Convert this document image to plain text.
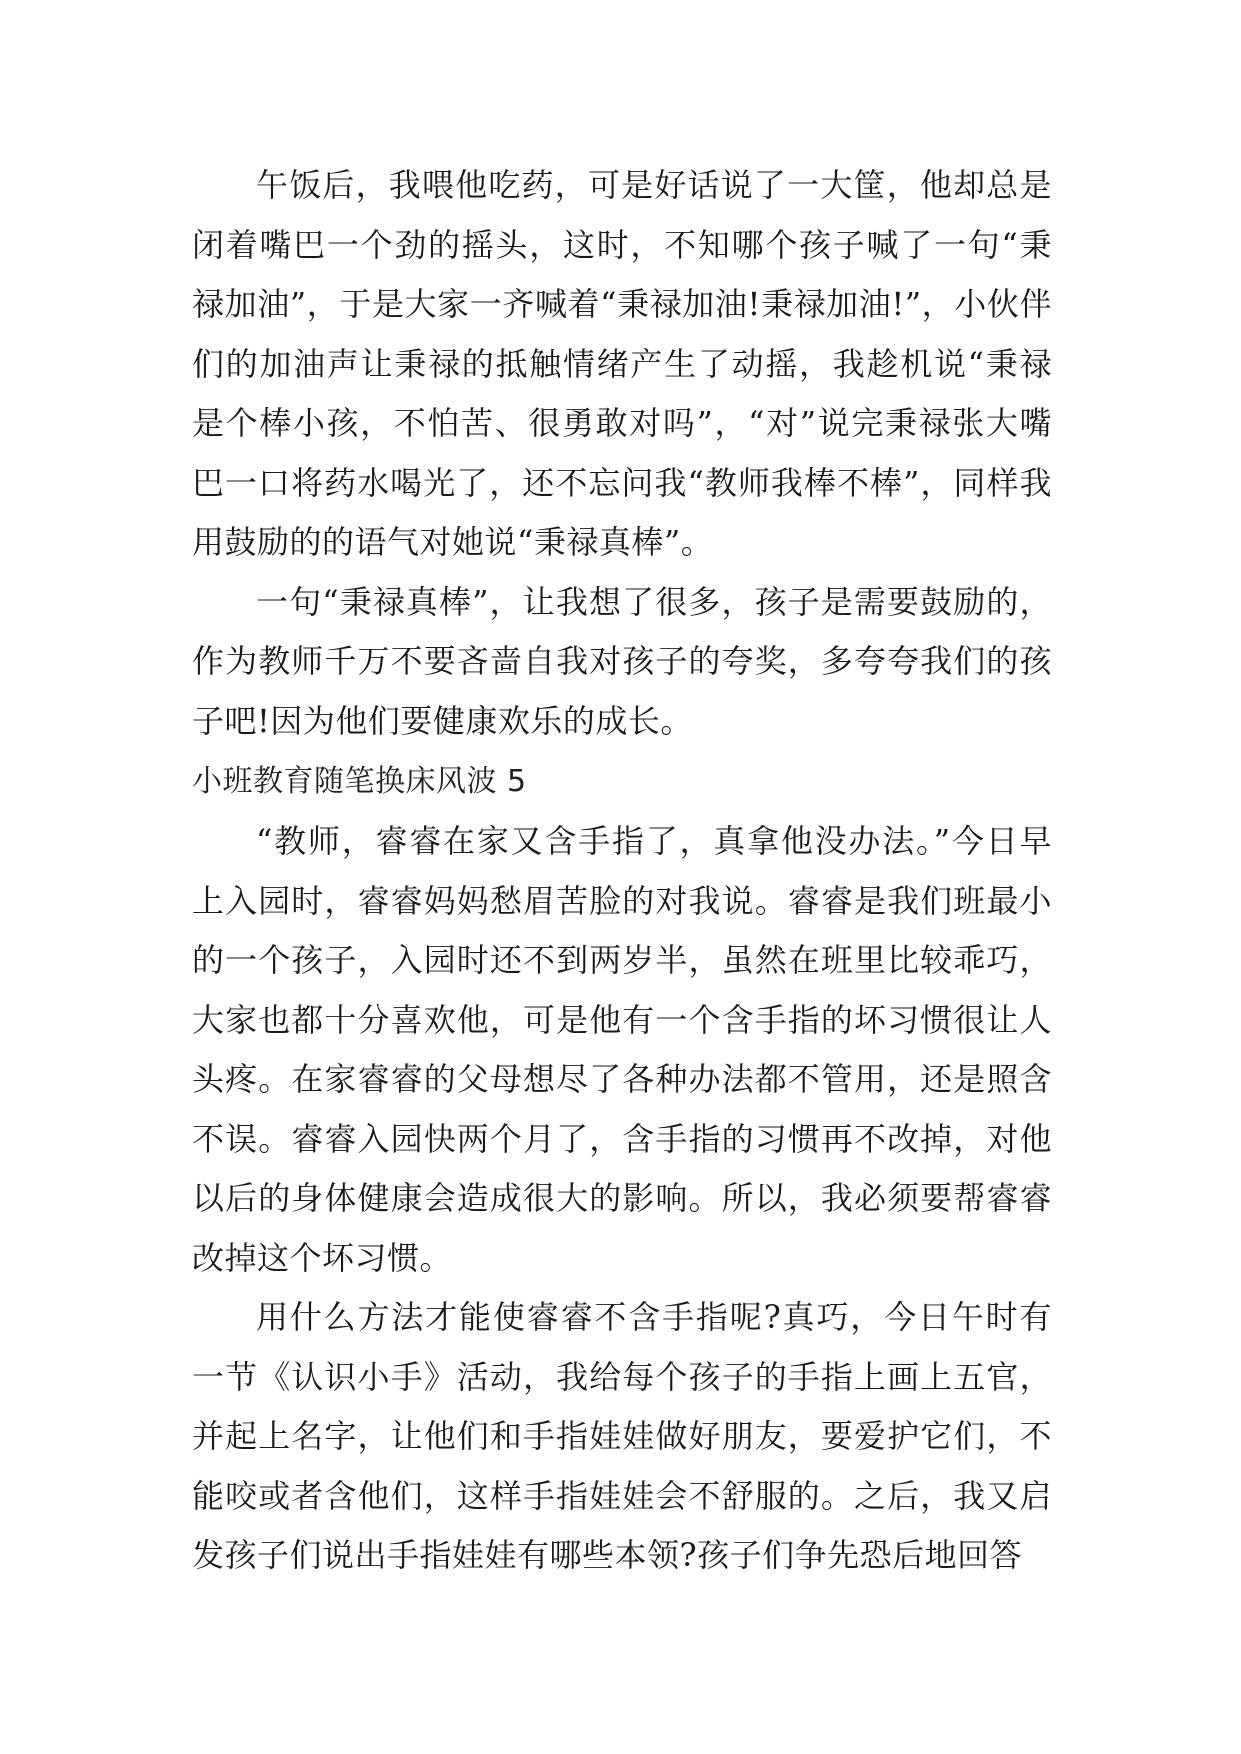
午饭后，我喂他吃药，可是好话说了一大筐，他却总是闭着嘴巴一个劲的摇头，这时，不知哪个孩子喊了一句“秉禄加油”，于是大家一齐喊着“秉禄加油!秉禄加油!”，小伙伴们的加油声让秉禄的抵触情绪产生了动摇，我趁机说“秉禄是个棒小孩，不怕苦、很勇敢对吗”，“对”说完秉禄张大嘴巴一口将药水喝光了，还不忘问我“教师我棒不棒”，同样我用鼓励的的语气对她说“秉禄真棒”。

一句“秉禄真棒”，让我想了很多，孩子是需要鼓励的，作为教师千万不要吝啬自我对孩子的夸奖，多夸夸我们的孩子吧!因为他们要健康欢乐的成长。

小班教育随笔换床风波 5

“教师，睿睿在家又含手指了，真拿他没办法。”今日早上入园时，睿睿妈妈愁眉苦脸的对我说。睿睿是我们班最小的一个孩子，入园时还不到两岁半，虽然在班里比较乖巧，大家也都十分喜欢他，可是他有一个含手指的坏习惯很让人头疼。在家睿睿的父母想尽了各种办法都不管用，还是照含不误。睿睿入园快两个月了，含手指的习惯再不改掉，对他以后的身体健康会造成很大的影响。所以，我必须要帮睿睿改掉这个坏习惯。

用什么方法才能使睿睿不含手指呢?真巧，今日午时有一节《认识小手》活动，我给每个孩子的手指上画上五官，并起上名字，让他们和手指娃娃做好朋友，要爱护它们，不能咬或者含他们，这样手指娃娃会不舒服的。之后，我又启发孩子们说出手指娃娃有哪些本领?孩子们争先恐后地回答
